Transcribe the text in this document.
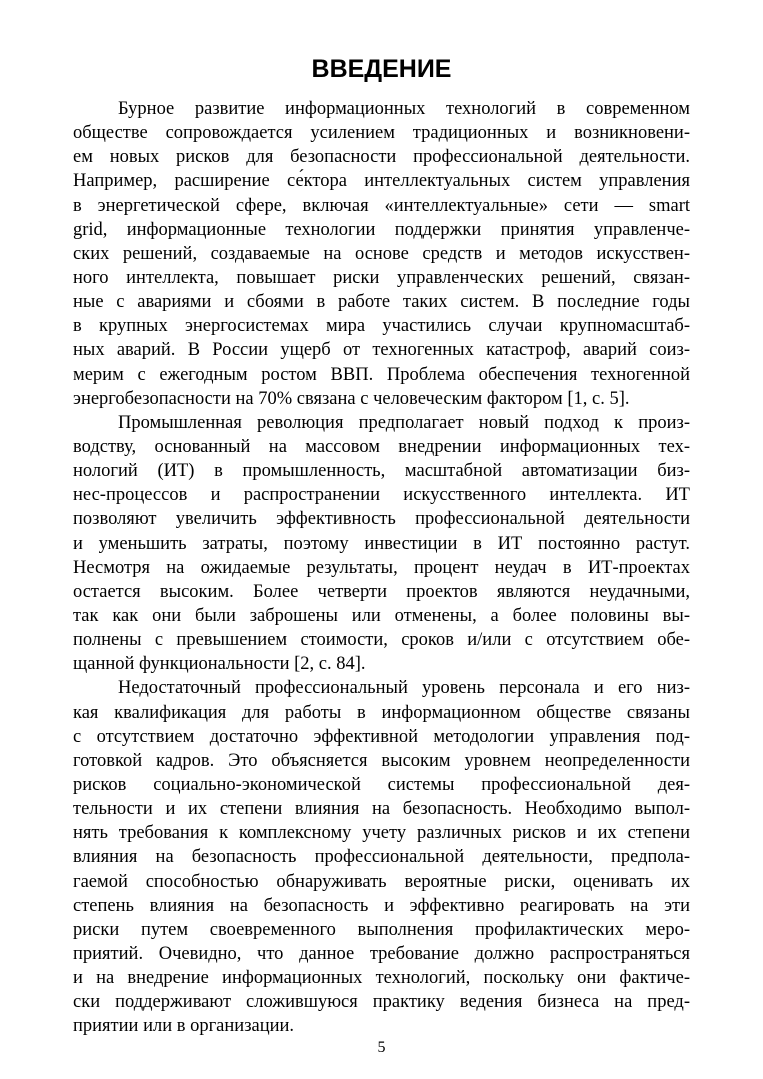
ВВЕДЕНИЕ
Бурное развитие информационных технологий в современном
обществе сопровождается усилением традиционных и возникновени-
ем новых рисков для безопасности профессиональной деятельности.
Например, расширение се́ктора интеллектуальных систем управления
в энергетической сфере, включая «интеллектуальные» сети — smart
grid, информационные технологии поддержки принятия управленче-
ских решений, создаваемые на основе средств и методов искусствен-
ного интеллекта, повышает риски управленческих решений, связан-
ные с авариями и сбоями в работе таких систем. В последние годы
в крупных энергосистемах мира участились случаи крупномасштаб-
ных аварий. В России ущерб от техногенных катастроф, аварий соиз-
мерим с ежегодным ростом ВВП. Проблема обеспечения техногенной
энергобезопасности на 70% связана с человеческим фактором [1, с. 5].
Промышленная революция предполагает новый подход к произ-
водству, основанный на массовом внедрении информационных тех-
нологий (ИТ) в промышленность, масштабной автоматизации биз-
нес-процессов и распространении искусственного интеллекта. ИТ
позволяют увеличить эффективность профессиональной деятельности
и уменьшить затраты, поэтому инвестиции в ИТ постоянно растут.
Несмотря на ожидаемые результаты, процент неудач в ИТ-проектах
остается высоким. Более четверти проектов являются неудачными,
так как они были заброшены или отменены, а более половины вы-
полнены с превышением стоимости, сроков и/или с отсутствием обе-
щанной функциональности [2, с. 84].
Недостаточный профессиональный уровень персонала и его низ-
кая квалификация для работы в информационном обществе связаны
с отсутствием достаточно эффективной методологии управления под-
готовкой кадров. Это объясняется высоким уровнем неопределенности
рисков социально-экономической системы профессиональной дея-
тельности и их степени влияния на безопасность. Необходимо выпол-
нять требования к комплексному учету различных рисков и их степени
влияния на безопасность профессиональной деятельности, предпола-
гаемой способностью обнаруживать вероятные риски, оценивать их
степень влияния на безопасность и эффективно реагировать на эти
риски путем своевременного выполнения профилактических меро-
приятий. Очевидно, что данное требование должно распространяться
и на внедрение информационных технологий, поскольку они фактиче-
ски поддерживают сложившуюся практику ведения бизнеса на пред-
приятии или в организации.
5
